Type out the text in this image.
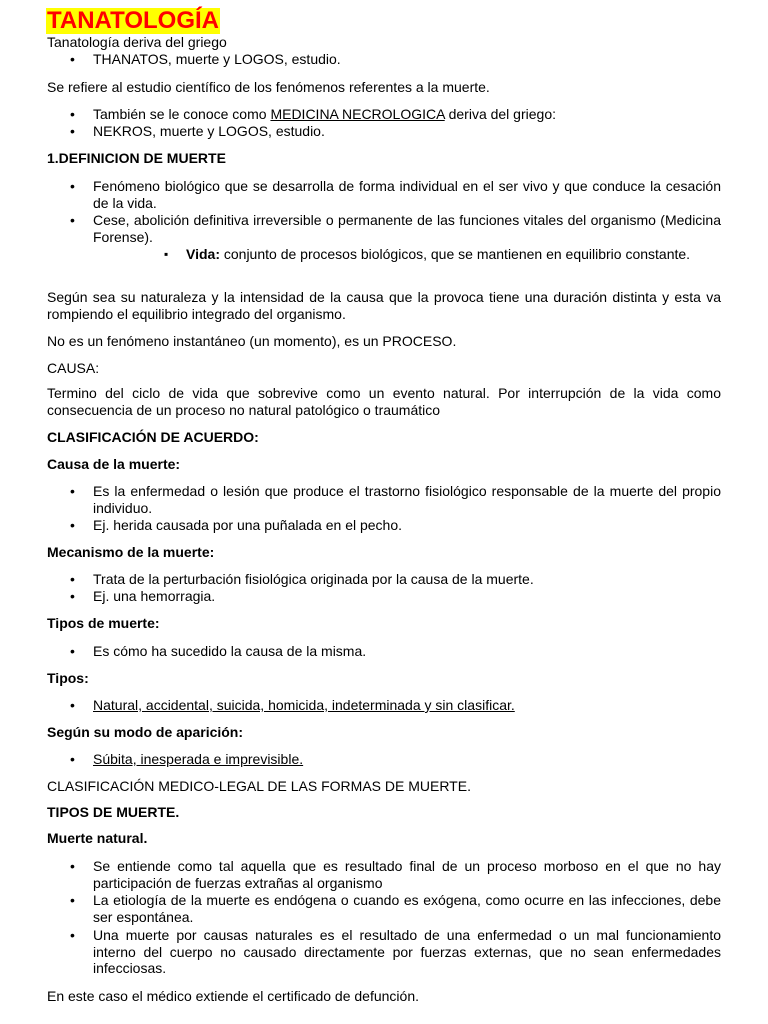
TANATOLOGÍA

Tanatología deriva del griego

• THANATOS, muerte y LOGOS, estudio.

Se refiere al estudio científico de los fenómenos referentes a la muerte.

• También se le conoce como MEDICINA NECROLOGICA deriva del griego:

• NEKROS, muerte y LOGOS, estudio.

1.DEFINICION DE MUERTE

• Fenómeno biológico que se desarrolla de forma individual en el ser vivo y que conduce la cesación de la vida.

• Cese, abolición definitiva irreversible o permanente de las funciones vitales del organismo (Medicina Forense).

▪ Vida: conjunto de procesos biológicos, que se mantienen en equilibrio constante.

Según sea su naturaleza y la intensidad de la causa que la provoca tiene una duración distinta y esta va rompiendo el equilibrio integrado del organismo.

No es un fenómeno instantáneo (un momento), es un PROCESO.

CAUSA:

Termino del ciclo de vida que sobrevive como un evento natural. Por interrupción de la vida como consecuencia de un proceso no natural patológico o traumático

CLASIFICACIÓN DE ACUERDO:

Causa de la muerte:

• Es la enfermedad o lesión que produce el trastorno fisiológico responsable de la muerte del propio individuo.

• Ej. herida causada por una puñalada en el pecho.

Mecanismo de la muerte:

• Trata de la perturbación fisiológica originada por la causa de la muerte.

• Ej. una hemorragia.

Tipos de muerte:

• Es cómo ha sucedido la causa de la misma.

Tipos:

• Natural, accidental, suicida, homicida, indeterminada y sin clasificar.

Según su modo de aparición:

• Súbita, inesperada e imprevisible.

CLASIFICACIÓN MEDICO-LEGAL DE LAS FORMAS DE MUERTE.

TIPOS DE MUERTE.

Muerte natural.

• Se entiende como tal aquella que es resultado final de un proceso morboso en el que no hay participación de fuerzas extrañas al organismo

• La etiología de la muerte es endógena o cuando es exógena, como ocurre en las infecciones, debe ser espontánea.

• Una muerte por causas naturales es el resultado de una enfermedad o un mal funcionamiento interno del cuerpo no causado directamente por fuerzas externas, que no sean enfermedades infecciosas.

En este caso el médico extiende el certificado de defunción.
